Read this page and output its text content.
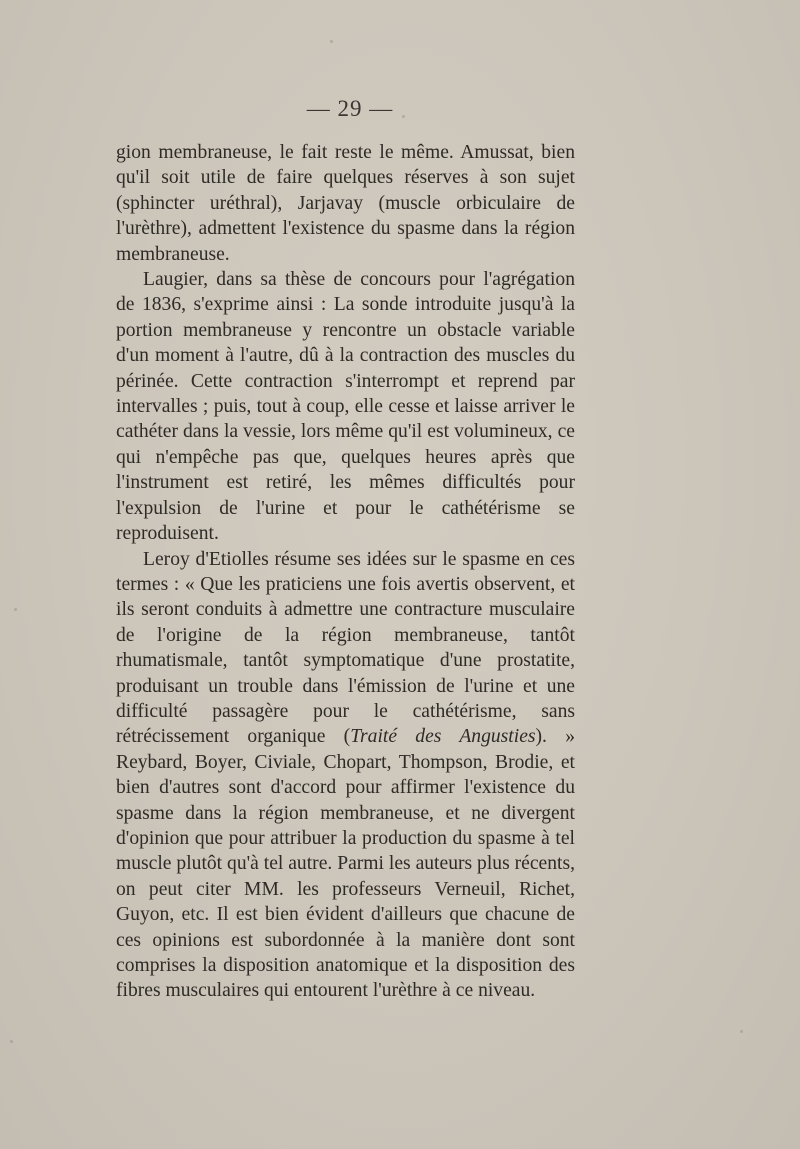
— 29 —

gion membraneuse, le fait reste le même. Amussat, bien qu'il soit utile de faire quelques réserves à son sujet (sphincter uréthral), Jarjavay (muscle orbiculaire de l'urèthre), admettent l'existence du spasme dans la région membraneuse.

Laugier, dans sa thèse de concours pour l'agrégation de 1836, s'exprime ainsi : La sonde introduite jusqu'à la portion membraneuse y rencontre un obstacle variable d'un moment à l'autre, dû à la contraction des muscles du périnée. Cette contraction s'interrompt et reprend par intervalles ; puis, tout à coup, elle cesse et laisse arriver le cathéter dans la vessie, lors même qu'il est volumineux, ce qui n'empêche pas que, quelques heures après que l'instrument est retiré, les mêmes difficultés pour l'expulsion de l'urine et pour le cathétérisme se reproduisent.

Leroy d'Etiolles résume ses idées sur le spasme en ces termes : « Que les praticiens une fois avertis observent, et ils seront conduits à admettre une contracture musculaire de l'origine de la région membraneuse, tantôt rhumatismale, tantôt symptomatique d'une prostatite, produisant un trouble dans l'émission de l'urine et une difficulté passagère pour le cathétérisme, sans rétrécissement organique (Traité des Angusties). » Reybard, Boyer, Civiale, Chopart, Thompson, Brodie, et bien d'autres sont d'accord pour affirmer l'existence du spasme dans la région membraneuse, et ne divergent d'opinion que pour attribuer la production du spasme à tel muscle plutôt qu'à tel autre. Parmi les auteurs plus récents, on peut citer MM. les professeurs Verneuil, Richet, Guyon, etc. Il est bien évident d'ailleurs que chacune de ces opinions est subordonnée à la manière dont sont comprises la disposition anatomique et la disposition des fibres musculaires qui entourent l'urèthre à ce niveau.
